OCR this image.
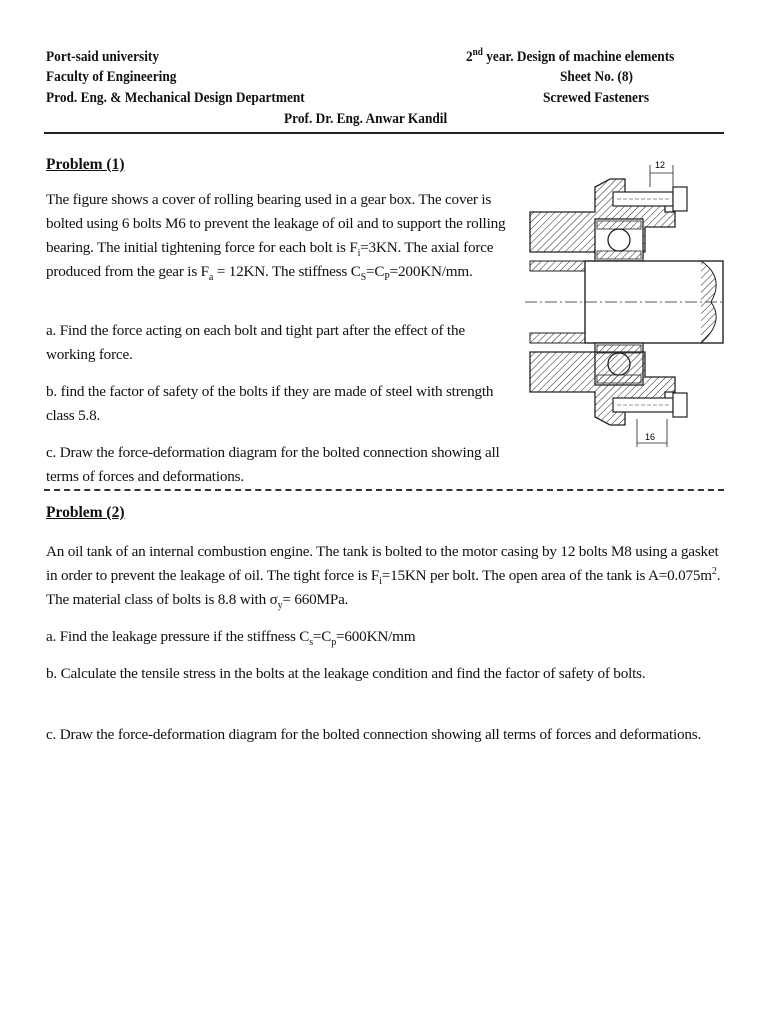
Port-said university
Faculty of Engineering
Prod. Eng. & Mechanical Design Department
Prof. Dr. Eng. Anwar Kandil
2nd year. Design of machine elements
Sheet No. (8)
Screwed Fasteners
Problem (1)
The figure shows a cover of rolling bearing used in a gear box. The cover is bolted using 6 bolts M6 to prevent the leakage of oil and to support the rolling bearing. The initial tightening force for each bolt is $F_i=3KN$. The axial force produced from the gear is $F_a = 12KN$. The stiffness $C_S=C_P=200KN/mm$.
a. Find the force acting on each bolt and tight part after the effect of the working force.
b. find the factor of safety of the bolts if they are made of steel with strength class 5.8.
c. Draw the force-deformation diagram for the bolted connection showing all terms of forces and deformations.
12
16
Problem (2)
An oil tank of an internal combustion engine. The tank is bolted to the motor casing by 12 bolts M8 using a gasket in order to prevent the leakage of oil. The tight force is $F_i=15KN$ per bolt. The open area of the tank is $A=0.075m^2$. The material class of bolts is 8.8 with $\sigma_y= 660MPa$.
a. Find the leakage pressure if the stiffness $C_s=C_p=600KN/mm$
b. Calculate the tensile stress in the bolts at the leakage condition and find the factor of safety of bolts.
c. Draw the force-deformation diagram for the bolted connection showing all terms of forces and deformations.
